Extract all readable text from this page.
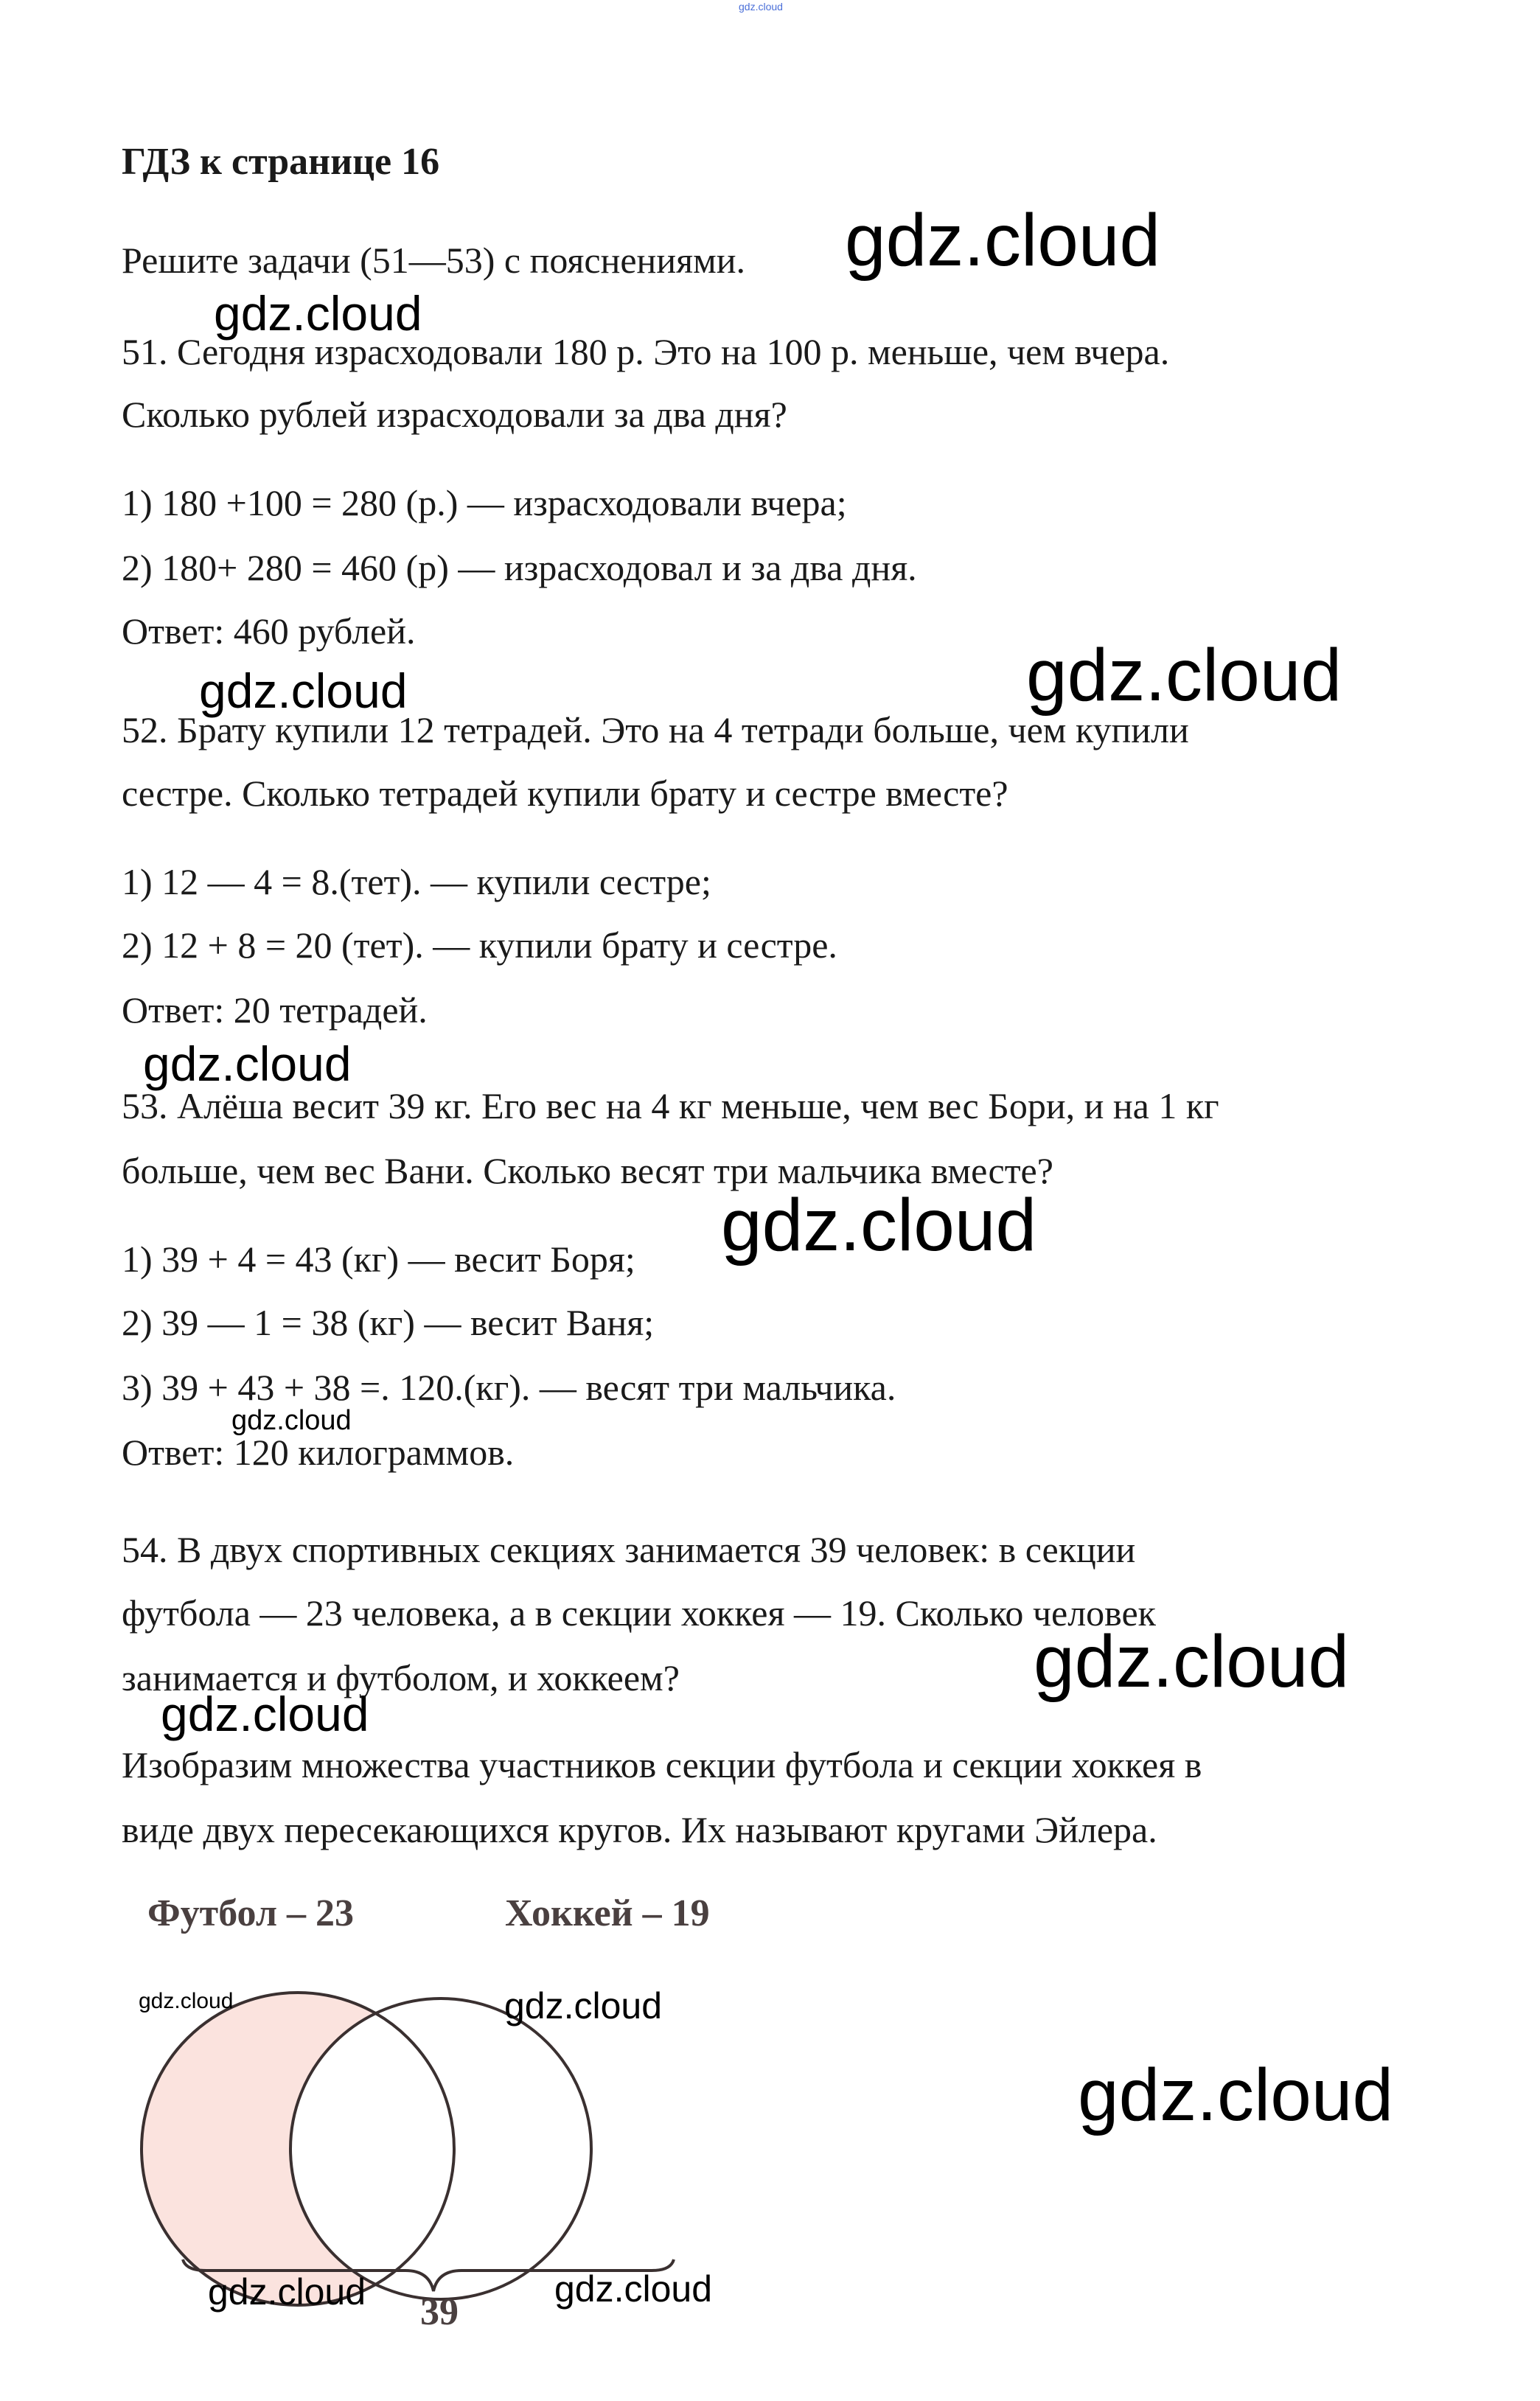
gdz.cloud
ГДЗ к странице 16
Решите задачи (51—53) с пояснениями.
51. Сегодня израсходовали 180 р. Это на 100 р. меньше, чем вчера.
Сколько рублей израсходовали за два дня?
1) 180 +100 = 280 (р.) — израсходовали вчера;
2) 180+ 280 = 460 (р) — израсходовал и за два дня.
Ответ: 460 рублей.
52. Брату купили 12 тетрадей. Это на 4 тетради больше, чем купили
сестре. Сколько тетрадей купили брату и сестре вместе?
1) 12 — 4 = 8.(тет). — купили сестре;
2) 12 + 8 = 20 (тет). — купили брату и сестре.
Ответ: 20 тетрадей.
53. Алёша весит 39 кг. Его вес на 4 кг меньше, чем вес Бори, и на 1 кг
больше, чем вес Вани. Сколько весят три мальчика вместе?
1) 39 + 4 = 43 (кг) — весит Боря;
2) 39 — 1 = 38 (кг) — весит Ваня;
3) 39 + 43 + 38 =. 120.(кг). — весят три мальчика.
Ответ: 120 килограммов.
54. В двух спортивных секциях занимается 39 человек: в секции
футбола — 23 человека, а в секции хоккея — 19. Сколько человек
занимается и футболом, и хоккеем?
Изобразим множества участников секции футбола и секции хоккея в
виде двух пересекающихся кругов. Их называют кругами Эйлера.
Футбол – 23	Хоккей – 19
39
gdz.cloud
gdz.cloud
gdz.cloud
gdz.cloud
gdz.cloud
gdz.cloud
gdz.cloud
gdz.cloud
gdz.cloud
gdz.cloud	gdz.cloud
gdz.cloud
gdz.cloud	gdz.cloud
